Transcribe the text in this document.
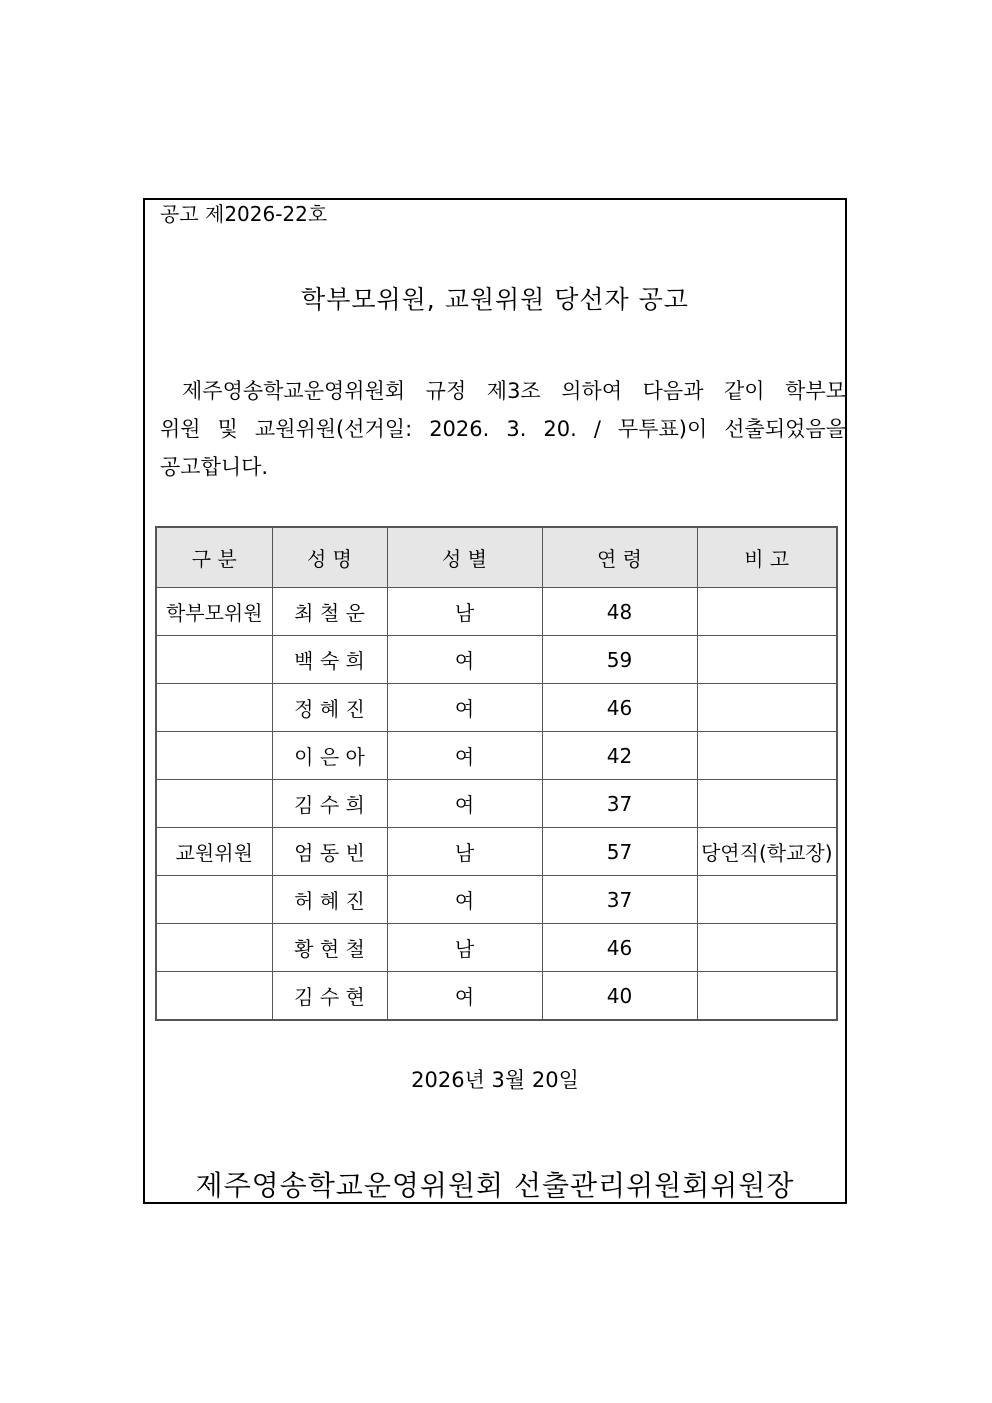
공고 제2026-22호
학부모위원, 교원위원 당선자 공고
제주영송학교운영위원회 규정 제3조 의하여 다음과 같이 학부모
위원 및 교원위원(선거일: 2026. 3. 20. / 무투표)이 선출되었음을
공고합니다.
구 분	성 명	성 별	연 령	비 고
학부모위원	최 철 운	남	48	
	백 숙 희	여	59	
	정 혜 진	여	46	
	이 은 아	여	42	
	김 수 희	여	37	
교원위원	엄 동 빈	남	57	당연직(학교장)
	허 혜 진	여	37	
	황 현 철	남	46	
	김 수 현	여	40	
2026년 3월 20일
제주영송학교운영위원회 선출관리위원회위원장
